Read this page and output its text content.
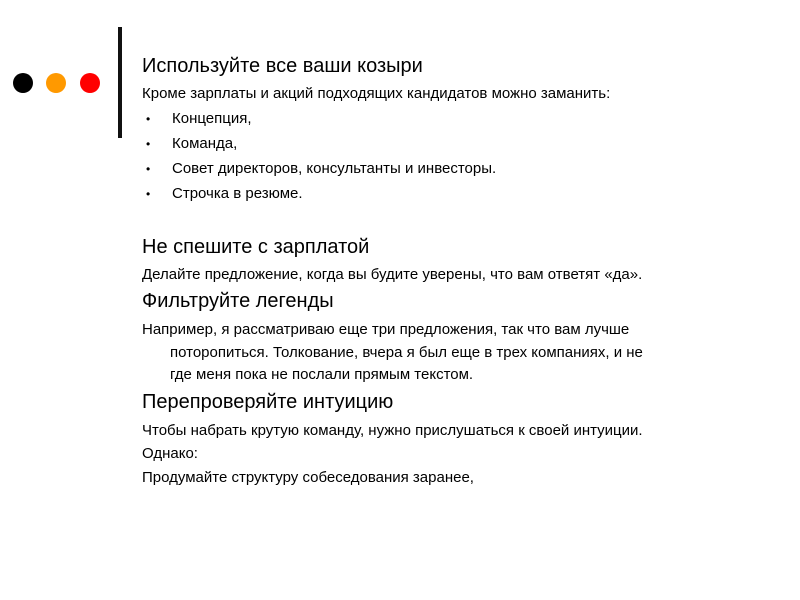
Используйте все ваши козыри
Кроме зарплаты и акций подходящих кандидатов можно заманить:
• Концепция,
• Команда,
• Совет директоров, консультанты и инвесторы.
• Строчка в резюме.
Не спешите с зарплатой
Делайте предложение, когда вы будите уверены, что вам ответят «да».
Фильтруйте легенды
Например, я рассматриваю еще три предложения, так что вам лучше
поторопиться. Толкование, вчера я был еще в трех компаниях, и не
где меня пока не послали прямым текстом.
Перепроверяйте интуицию
Чтобы набрать крутую команду, нужно прислушаться к своей интуиции.
Однако:
Продумайте структуру собеседования заранее,
